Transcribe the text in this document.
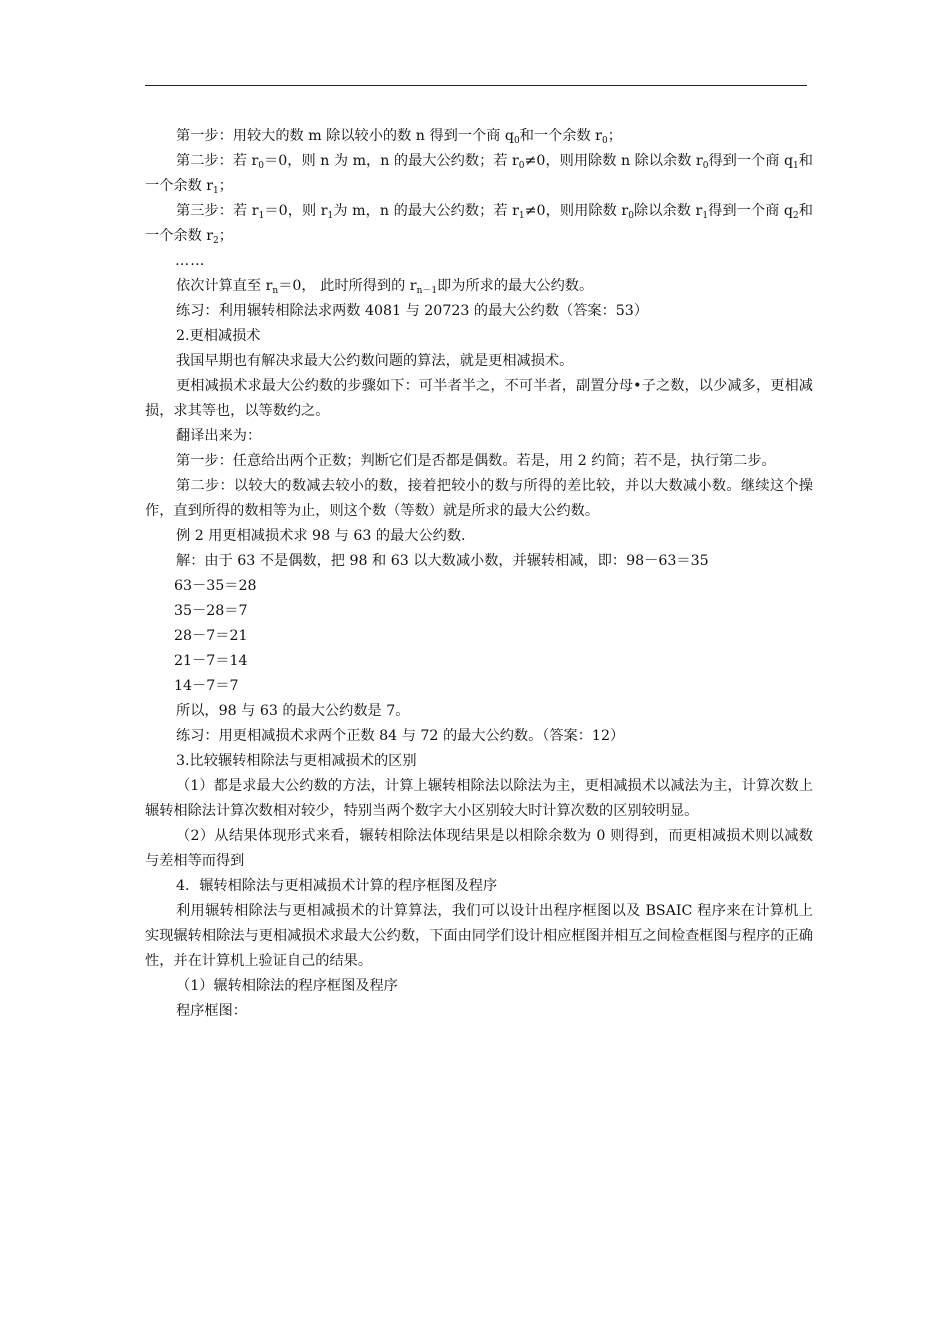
第一步：用较大的数 m 除以较小的数 n 得到一个商 $q_0$和一个余数 $r_0$；

第二步：若 $r_0=0$，则 n 为 m，n 的最大公约数；若 $r_0\ne 0$，则用除数 n 除以余数 $r_0$得到一个商 $q_1$和一个余数 $r_1$；

第三步：若 $r_1=0$，则 $r_1$为 m，n 的最大公约数；若 $r_1\ne 0$，则用除数 $r_0$除以余数 $r_1$得到一个商 $q_2$和一个余数 $r_2$；

……

依次计算直至 $r_n=0$， 此时所得到的 $r_{n-1}$即为所求的最大公约数。

练习：利用辗转相除法求两数 4081 与 20723 的最大公约数（答案：53）

2.更相减损术

我国早期也有解决求最大公约数问题的算法，就是更相减损术。

更相减损术求最大公约数的步骤如下：可半者半之，不可半者，副置分母•子之数，以少减多，更相减损，求其等也，以等数约之。

翻译出来为：

第一步：任意给出两个正数；判断它们是否都是偶数。若是，用 2 约简；若不是，执行第二步。

第二步：以较大的数减去较小的数，接着把较小的数与所得的差比较，并以大数减小数。继续这个操作，直到所得的数相等为止，则这个数（等数）就是所求的最大公约数。

例 2 用更相减损术求 98 与 63 的最大公约数.

解：由于 63 不是偶数，把 98 和 63 以大数减小数，并辗转相减，即：98－63＝35

63－35＝28

35－28＝7

28－7＝21

21－7＝14

14－7＝7

所以，98 与 63 的最大公约数是 7。

练习：用更相减损术求两个正数 84 与 72 的最大公约数。（答案：12）

3.比较辗转相除法与更相减损术的区别

（1）都是求最大公约数的方法，计算上辗转相除法以除法为主，更相减损术以减法为主，计算次数上辗转相除法计算次数相对较少，特别当两个数字大小区别较大时计算次数的区别较明显。

（2）从结果体现形式来看，辗转相除法体现结果是以相除余数为 0 则得到，而更相减损术则以减数与差相等而得到

4．辗转相除法与更相减损术计算的程序框图及程序

利用辗转相除法与更相减损术的计算算法，我们可以设计出程序框图以及 BSAIC 程序来在计算机上实现辗转相除法与更相减损术求最大公约数，下面由同学们设计相应框图并相互之间检查框图与程序的正确性，并在计算机上验证自己的结果。

（1）辗转相除法的程序框图及程序

程序框图：
